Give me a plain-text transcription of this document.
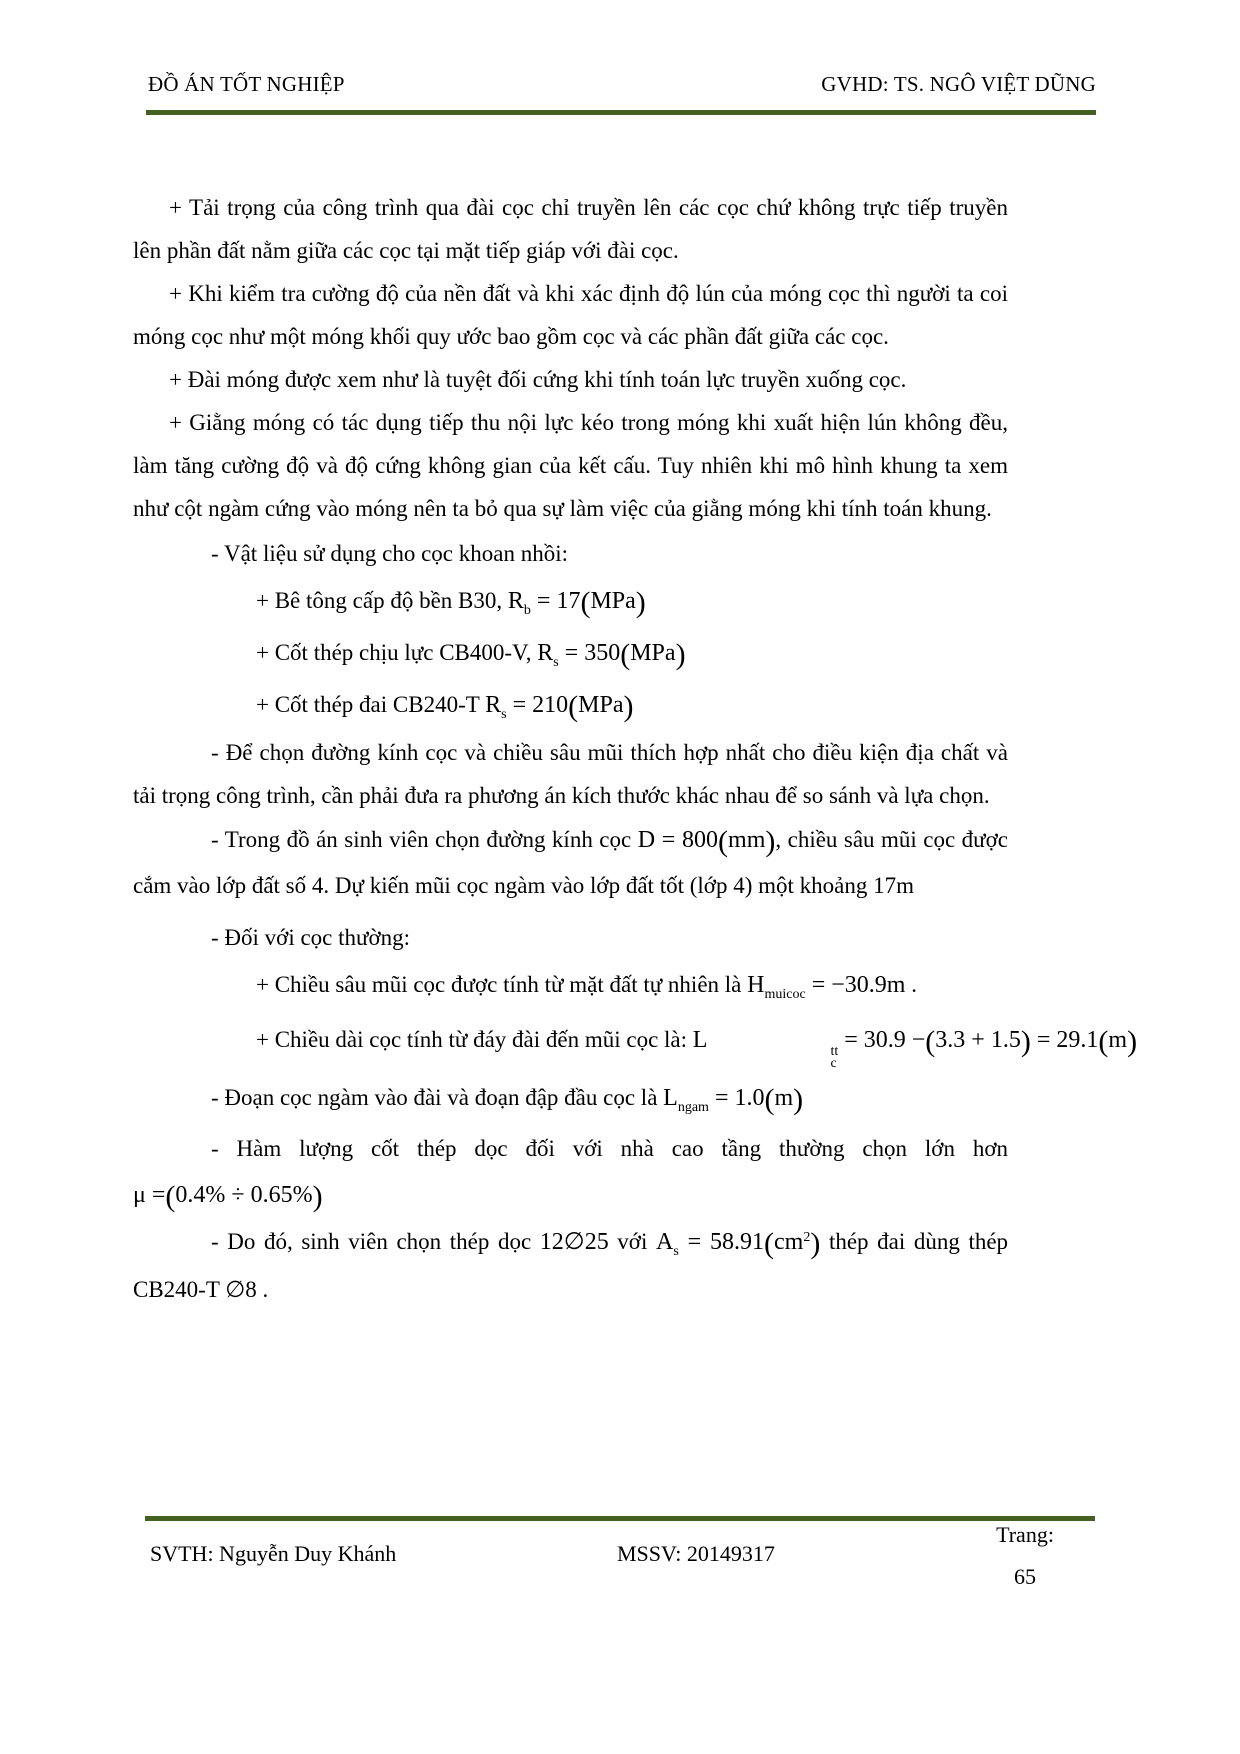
ĐỒ ÁN TỐT NGHIỆP	GVHD: TS. NGÔ VIỆT DŨNG

+ Tải trọng của công trình qua đài cọc chỉ truyền lên các cọc chứ không trực tiếp truyền lên phần đất nằm giữa các cọc tại mặt tiếp giáp với đài cọc.

+ Khi kiểm tra cường độ của nền đất và khi xác định độ lún của móng cọc thì người ta coi móng cọc như một móng khối quy ước bao gồm cọc và các phần đất giữa các cọc.

+ Đài móng được xem như là tuyệt đối cứng khi tính toán lực truyền xuống cọc.

+ Giằng móng có tác dụng tiếp thu nội lực kéo trong móng khi xuất hiện lún không đều, làm tăng cường độ và độ cứng không gian của kết cấu. Tuy nhiên khi mô hình khung ta xem như cột ngàm cứng vào móng nên ta bỏ qua sự làm việc của giằng móng khi tính toán khung.

- Vật liệu sử dụng cho cọc khoan nhồi:

+ Bê tông cấp độ bền B30, $R_b = 17(MPa)$

+ Cốt thép chịu lực CB400-V, $R_s = 350(MPa)$

+ Cốt thép đai CB240-T $R_s = 210(MPa)$

- Để chọn đường kính cọc và chiều sâu mũi thích hợp nhất cho điều kiện địa chất và tải trọng công trình, cần phải đưa ra phương án kích thước khác nhau để so sánh và lựa chọn.

- Trong đồ án sinh viên chọn đường kính cọc D = 800(mm), chiều sâu mũi cọc được cắm vào lớp đất số 4. Dự kiến mũi cọc ngàm vào lớp đất tốt (lớp 4) một khoảng 17m

- Đối với cọc thường:

+ Chiều sâu mũi cọc được tính từ mặt đất tự nhiên là $H_{muicoc} = -30.9m$ .

+ Chiều dài cọc tính từ đáy đài đến mũi cọc là: L	tt
c
= 30.9 −(3.3 + 1.5) = 29.1(m)

- Đoạn cọc ngàm vào đài và đoạn đập đầu cọc là $L_{ngam} = 1.0(m)$

- Hàm lượng cốt thép dọc đối với nhà cao tầng thường chọn lớn hơn μ =(0.4% ÷ 0.65%)

- Do đó, sinh viên chọn thép dọc 12∅25 với $A_s = 58.91(cm^2)$ thép đai dùng thép CB240-T ∅8 .

SVTH: Nguyễn Duy Khánh	MSSV: 20149317
Trang:
65
